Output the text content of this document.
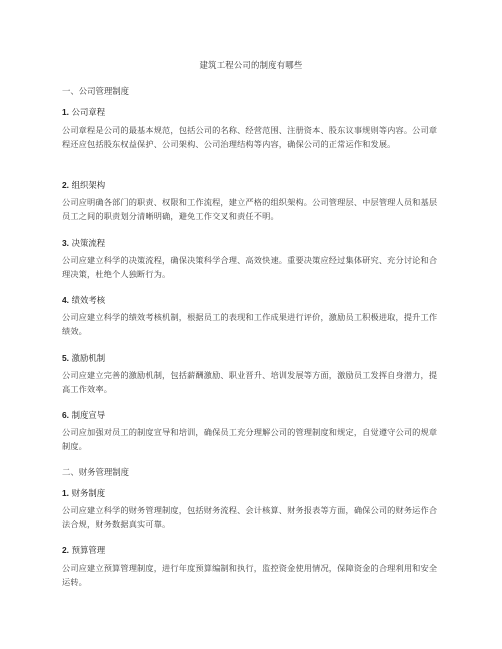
建筑工程公司的制度有哪些
一、公司管理制度
1. 公司章程
公司章程是公司的最基本规范，包括公司的名称、经营范围、注册资本、股东议事规则等内容。公司章程还应包括股东权益保护、公司架构、公司治理结构等内容，确保公司的正常运作和发展。
2. 组织架构
公司应明确各部门的职责、权限和工作流程，建立严格的组织架构。公司管理层、中层管理人员和基层员工之间的职责划分清晰明确，避免工作交叉和责任不明。
3. 决策流程
公司应建立科学的决策流程，确保决策科学合理、高效快速。重要决策应经过集体研究、充分讨论和合理决策，杜绝个人独断行为。
4. 绩效考核
公司应建立科学的绩效考核机制，根据员工的表现和工作成果进行评价，激励员工积极进取，提升工作绩效。
5. 激励机制
公司应建立完善的激励机制，包括薪酬激励、职业晋升、培训发展等方面，激励员工发挥自身潜力，提高工作效率。
6. 制度宣导
公司应加强对员工的制度宣导和培训，确保员工充分理解公司的管理制度和规定，自觉遵守公司的规章制度。
二、财务管理制度
1. 财务制度
公司应建立科学的财务管理制度，包括财务流程、会计核算、财务报表等方面，确保公司的财务运作合法合规，财务数据真实可靠。
2. 预算管理
公司应建立预算管理制度，进行年度预算编制和执行，监控资金使用情况，保障资金的合理利用和安全运转。
